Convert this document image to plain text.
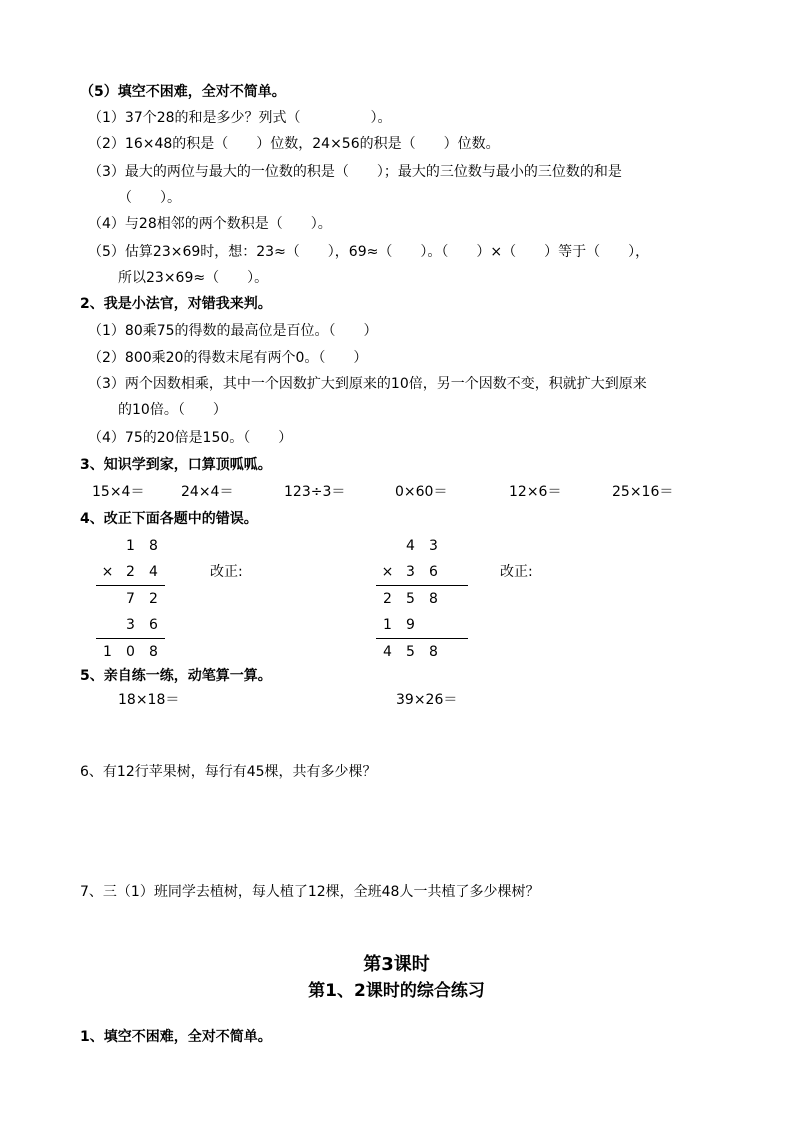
（5）填空不困难，全对不简单。
（1）37个28的和是多少？列式（　　　　　）。
（2）16×48的积是（　　）位数，24×56的积是（　　）位数。
（3）最大的两位与最大的一位数的积是（　　）；最大的三位数与最小的三位数的和是
（　　）。
（4）与28相邻的两个数积是（　　）。
（5）估算23×69时，想：23≈（　　），69≈（　　）。（　　）×（　　）等于（　　），
所以23×69≈（　　）。
2、我是小法官，对错我来判。
（1）80乘75的得数的最高位是百位。（　　）
（2）800乘20的得数末尾有两个0。（　　）
（3）两个因数相乘，其中一个因数扩大到原来的10倍，另一个因数不变，积就扩大到原来
的10倍。（　　）
（4）75的20倍是150。（　　）
3、知识学到家，口算顶呱呱。
15×4＝	24×4＝	123÷3＝	0×60＝	12×6＝	25×16＝
4、改正下面各题中的错误。
	1	8
×	2	4
	7	2
	3	6
1	0	8
改正:
	4	3	
×	3	6	
2	5	8	
1	9		
4	5	8	
改正:
5、亲自练一练，动笔算一算。
18×18＝	39×26＝
6、有12行苹果树，每行有45棵，共有多少棵？
7、三（1）班同学去植树，每人植了12棵，全班48人一共植了多少棵树？
第3课时
第1、2课时的综合练习
1、填空不困难，全对不简单。
